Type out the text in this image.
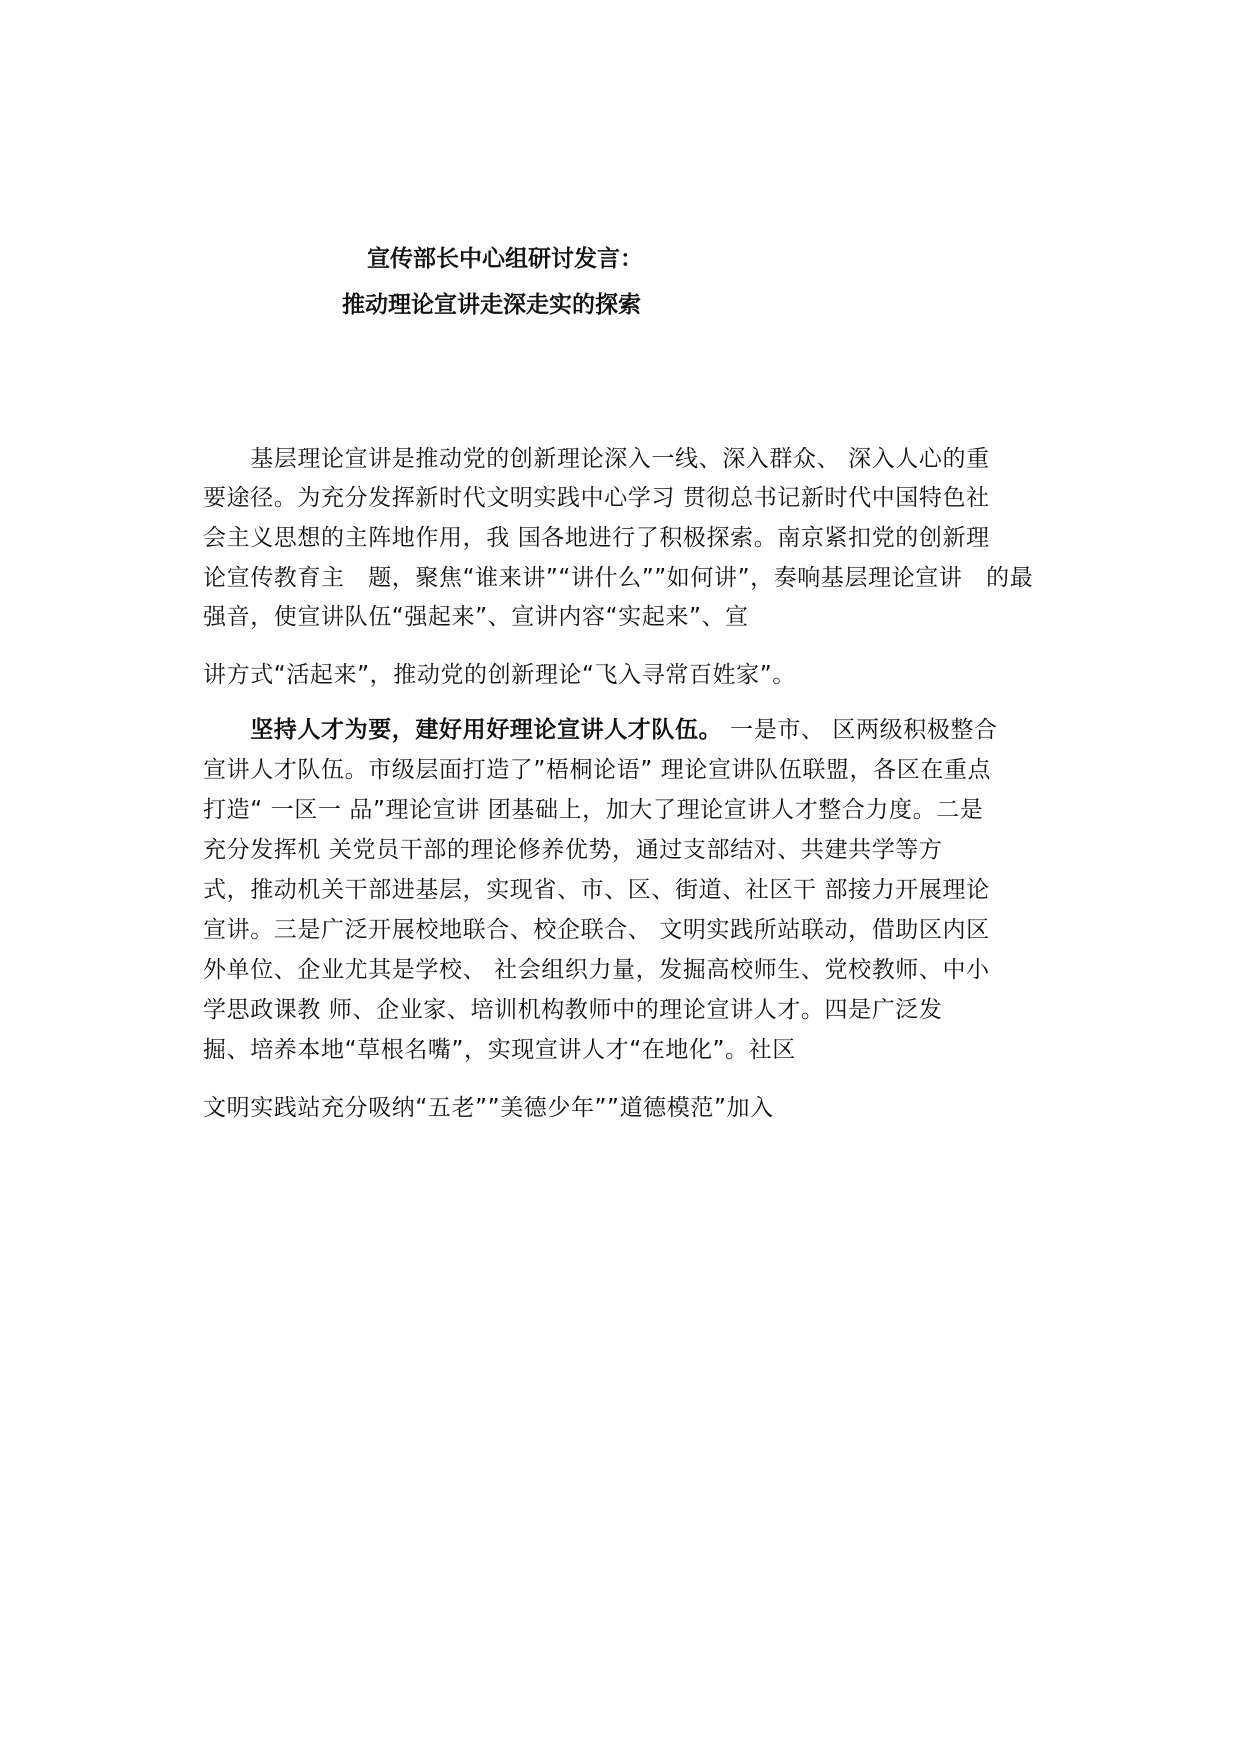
宣传部长中心组研讨发言：
推动理论宣讲走深走实的探索
　　基层理论宣讲是推动党的创新理论深入一线、深入群众、 深入人心的重
要途径。为充分发挥新时代文明实践中心学习 贯彻总书记新时代中国特色社
会主义思想的主阵地作用，我 国各地进行了积极探索。南京紧扣党的创新理
论宣传教育主　题，聚焦“谁来讲”“讲什么””如何讲”，奏响基层理论宣讲　的最
强音，使宣讲队伍“强起来”、宣讲内容“实起来”、宣
讲方式“活起来”，推动党的创新理论“飞入寻常百姓家”。
　　坚持人才为要，建好用好理论宣讲人才队伍。 一是市、 区两级积极整合
宣讲人才队伍。市级层面打造了”梧桐论语” 理论宣讲队伍联盟，各区在重点
打造“ 一区一 品”理论宣讲 团基础上，加大了理论宣讲人才整合力度。二是
充分发挥机 关党员干部的理论修养优势，通过支部结对、共建共学等方
式，推动机关干部进基层，实现省、市、区、街道、社区干 部接力开展理论
宣讲。三是广泛开展校地联合、校企联合、 文明实践所站联动，借助区内区
外单位、企业尤其是学校、 社会组织力量，发掘高校师生、党校教师、中小
学思政课教 师、企业家、培训机构教师中的理论宣讲人才。四是广泛发
掘、培养本地“草根名嘴”，实现宣讲人才“在地化”。社区
文明实践站充分吸纳“五老””美德少年””道德模范”加入
